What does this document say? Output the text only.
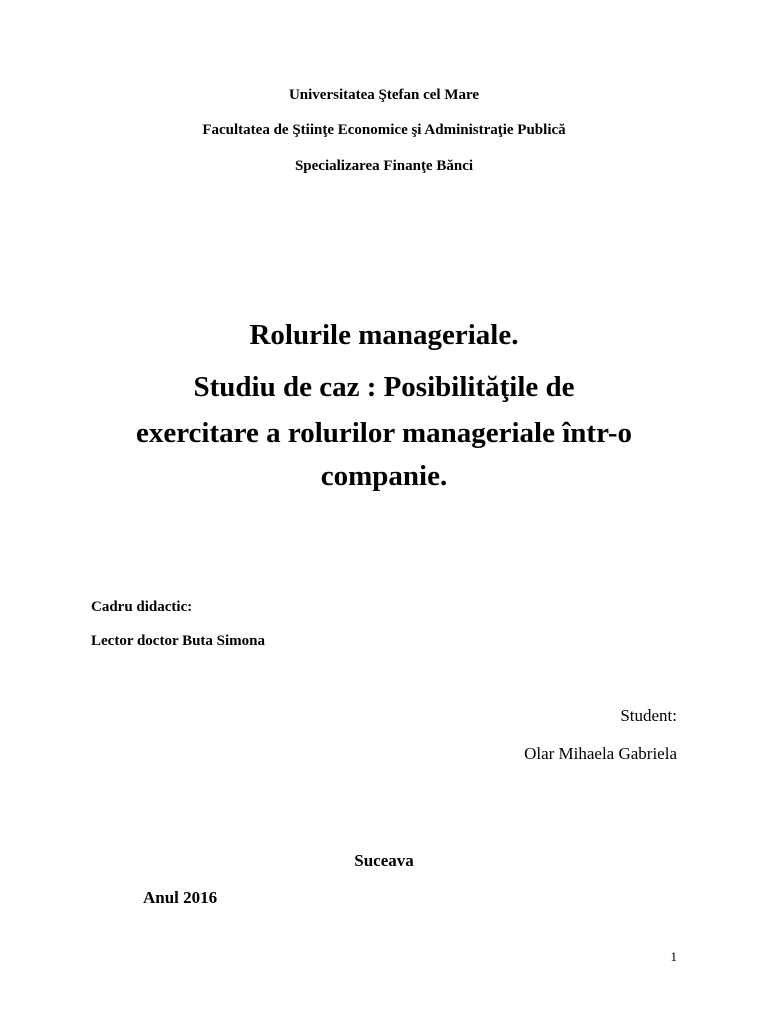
Universitatea Ştefan cel Mare
Facultatea de Ştiinţe Economice şi Administraţie Publică
Specializarea Finanţe Bănci
Rolurile manageriale.
Studiu de caz : Posibilităţile de
exercitare a rolurilor manageriale într-o
companie.
Cadru didactic:
Lector doctor Buta Simona
Student:
Olar Mihaela Gabriela
Suceava
Anul 2016
1
